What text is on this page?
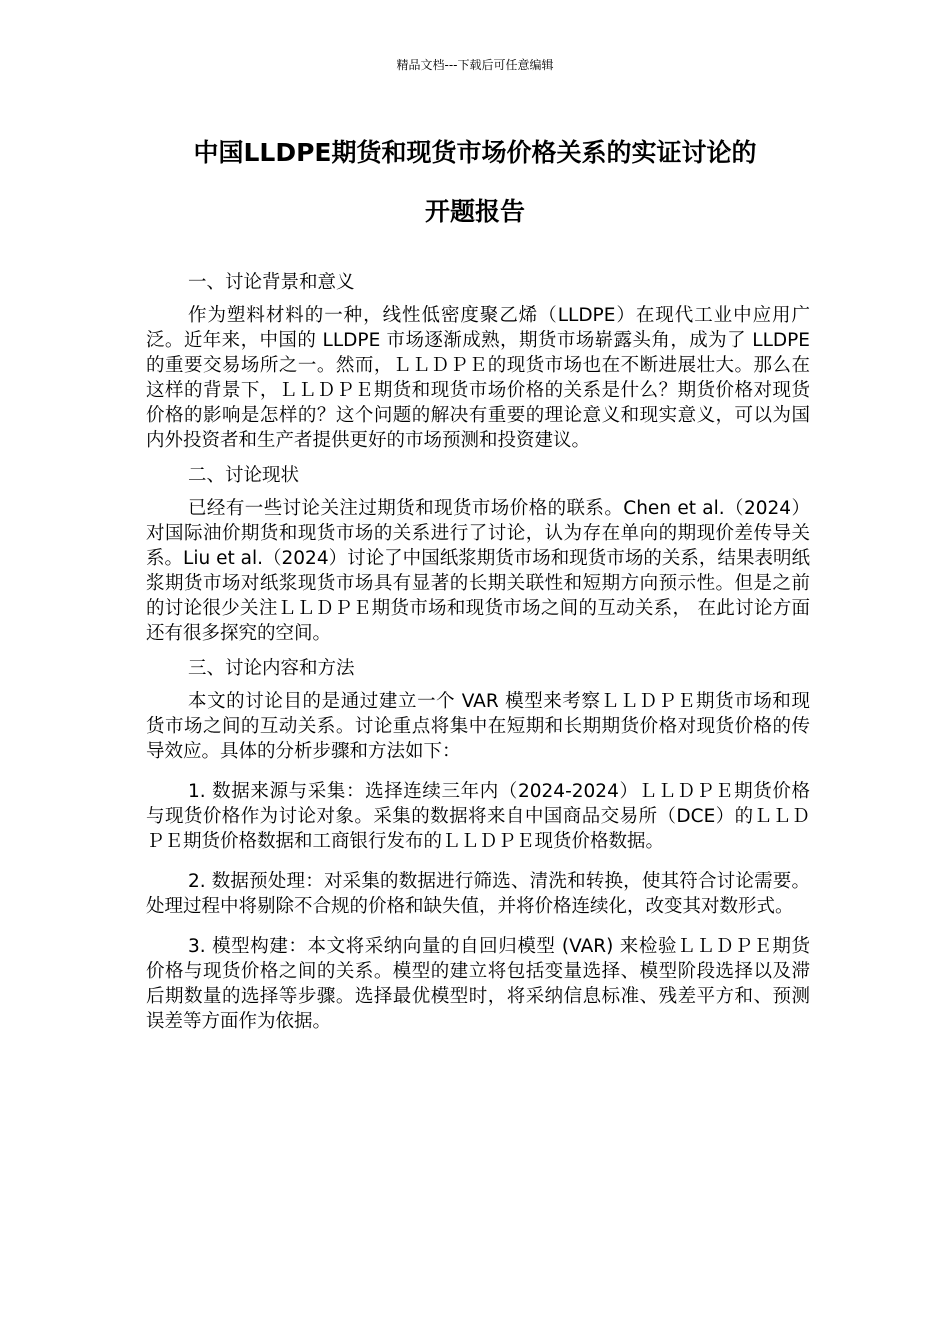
精品文档---下载后可任意编辑
中国LLDPE期货和现货市场价格关系的实证讨论的
开题报告

一、讨论背景和意义

作为塑料材料的一种，线性低密度聚乙烯（LLDPE）在现代工业中应用广泛。近年来，中国的 LLDPE 市场逐渐成熟，期货市场崭露头角，成为了 LLDPE 的重要交易场所之一。然而，ＬＬＤＰＥ的现货市场也在不断进展壮大。那么在这样的背景下，ＬＬＤＰＥ期货和现货市场价格的关系是什么？期货价格对现货价格的影响是怎样的？这个问题的解决有重要的理论意义和现实意义，可以为国内外投资者和生产者提供更好的市场预测和投资建议。

二、讨论现状

已经有一些讨论关注过期货和现货市场价格的联系。Chen et al.（2024）对国际油价期货和现货市场的关系进行了讨论，认为存在单向的期现价差传导关系。Liu et al.（2024）讨论了中国纸浆期货市场和现货市场的关系，结果表明纸浆期货市场对纸浆现货市场具有显著的长期关联性和短期方向预示性。但是之前的讨论很少关注ＬＬＤＰＥ期货市场和现货市场之间的互动关系， 在此讨论方面还有很多探究的空间。

三、讨论内容和方法

本文的讨论目的是通过建立一个 VAR 模型来考察ＬＬＤＰＥ期货市场和现货市场之间的互动关系。讨论重点将集中在短期和长期期货价格对现货价格的传导效应。具体的分析步骤和方法如下：

1. 数据来源与采集：选择连续三年内（2024-2024）ＬＬＤＰＥ期货价格与现货价格作为讨论对象。采集的数据将来自中国商品交易所（DCE）的ＬＬＤＰＥ期货价格数据和工商银行发布的ＬＬＤＰＥ现货价格数据。

2. 数据预处理：对采集的数据进行筛选、清洗和转换，使其符合讨论需要。处理过程中将剔除不合规的价格和缺失值，并将价格连续化，改变其对数形式。

3. 模型构建：本文将采纳向量的自回归模型 (VAR) 来检验ＬＬＤＰＥ期货价格与现货价格之间的关系。模型的建立将包括变量选择、模型阶段选择以及滞后期数量的选择等步骤。选择最优模型时，将采纳信息标准、残差平方和、预测误差等方面作为依据。
